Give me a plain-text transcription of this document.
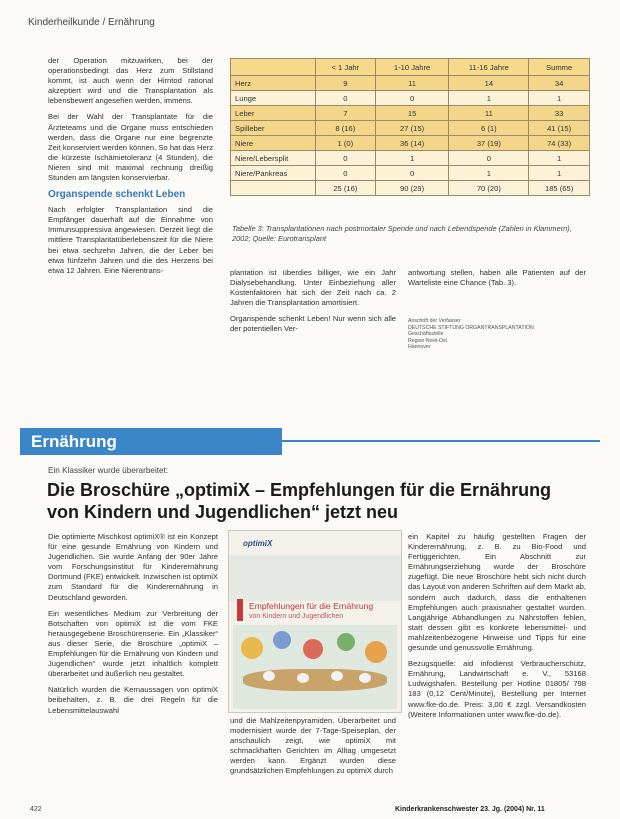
Kinderheilkunde / Ernährung

der Operation mitzuwirken, bei der operationsbedingt das Herz zum Stillstand kommt, ist auch wenn der Hirntod rational akzeptiert wird und die Transplantation als lebensbewert angesehen werden, immens.

Bei der Wahl der Transplantate für die Ärzteteams und die Organe muss entschieden werden, dass die Organe nur eine begrenzte Zeit konserviert werden können. So hat das Herz die kürzeste Ischämietoleranz (4 Stunden), die Nieren sind mit maximal rechnung dreißig Stunden am längsten konservierbar.

Organspende schenkt Leben

Nach erfolgter Transplantation sind die Empfänger dauerhaft auf die Einnahme von Immunsuppressiva angewiesen. Derzeit liegt die mittlere Transplantatüberlebenszeit für die Niere bei etwa sechzehn Jahren, die der Leber bei etwa fünfzehn Jahren und die des Herzens bei etwa 12 Jahren. Eine Nierentrans-

	< 1 Jahr	1-10 Jahre	11-16 Jahre	Summe
Herz	9	11	14	34
Lunge	0	0	1	1
Leber	7	15	11	33
Spilleber	8 (16)	27 (15)	6 (1)	41 (15)
Niere	1 (0)	36 (14)	37 (19)	74 (33)
Niere/Lebersplit	0	1	0	1
Niere/Pankreas	0	0	1	1
	25 (16)	90 (29)	70 (20)	185 (65)
Tabelle 3: Transplantationen nach postmortaler Spende und nach Lebendspende (Zahlen in Klammern), 2002; Quelle: Eurotransplant

plantation ist überdies billiger, wie ein Jahr Dialysebehandlung. Unter Einbeziehung aller Kostenfaktoren hat sich der Zeit nach ca. 2 Jahren die Transplantation amortisiert.

Organspende schenkt Leben! Nur wenn sich alle der potentiellen Ver-

antwortung stellen, haben alle Patienten auf der Warteliste eine Chance (Tab. 3).

Anschrift der Verfasser
DEUTSCHE STIFTUNG ORGANTRANSPLANTATION
Geschäftsstelle
Region Nord-Ost
Hannover
Ernährung
Ein Klassiker wurde überarbeitet:
Die Broschüre „optimiX – Empfehlungen für die Ernährung von Kindern und Jugendlichen“ jetzt neu

Die optimierte Mischkost optimiX® ist ein Konzept für eine gesunde Ernährung von Kindern und Jugendlichen. Sie wurde Anfang der 90er Jahre vom Forschungsinstitut für Kinderernährung Dortmund (FKE) entwickelt. Inzwischen ist optimiX zum Standard für die Kinderernährung in Deutschland geworden.

Ein wesentliches Medium zur Verbreitung der Botschaften von optimiX ist die vom FKE herausgegebene Broschürenserie. Ein „Klassiker“ aus dieser Serie, die Broschüre „optimiX – Empfehlungen für die Ernährung von Kindern und Jugendlichen“ wurde jetzt inhaltlich komplett überarbeitet und äußerlich neu gestaltet.

Natürlich wurden die Kernaussagen von optimiX beibehalten, z. B. die drei Regeln für die Lebensmittelauswahl

optimiX
Empfehlungen für die Ernährung
von Kindern und Jugendlichen

und die Mahlzeitenpyramiden. Überarbeitet und modernisiert wurde der 7-Tage-Speiseplan, der anschaulich zeigt, wie optimiX mit schmackhaften Gerichten im Alltag umgesetzt werden kann. Ergänzt wurden diese grundsätzlichen Empfehlungen zu optimiX durch

ein Kapitel zu häufig gestellten Fragen der Kinderernährung, z. B. zu Bio-Food und Fertiggerichten. Ein Abschnitt zur Ernährungserziehung wurde der Broschüre zugefügt. Die neue Broschüre hebt sich nicht durch das Layout von anderen Schriften auf dem Markt ab, sondern auch dadurch, dass die enthaltenen Empfehlungen auch praxisnaher gestaltet wurden. Langjährige Abhandlungen zu Nährstoffen fehlen, statt dessen gibt es konkrete lebensmittel- und mahlzeitenbezogene Hinweise und Tipps für eine gesunde und genussvolle Ernährung.

Bezugsquelle: aid infodienst Verbraucherschutz, Ernährung, Landwirtschaft e. V., 53168 Ludwigshafen. Bestellung per Hotline 01805/ 798 183 (0,12 Cent/Minute), Bestellung per Internet www.fke-do.de. Preis: 3,00 € zzgl. Versandkosten (Weitere Informationen unter www.fke-do.de).

422	Kinderkrankenschwester 23. Jg. (2004) Nr. 11
